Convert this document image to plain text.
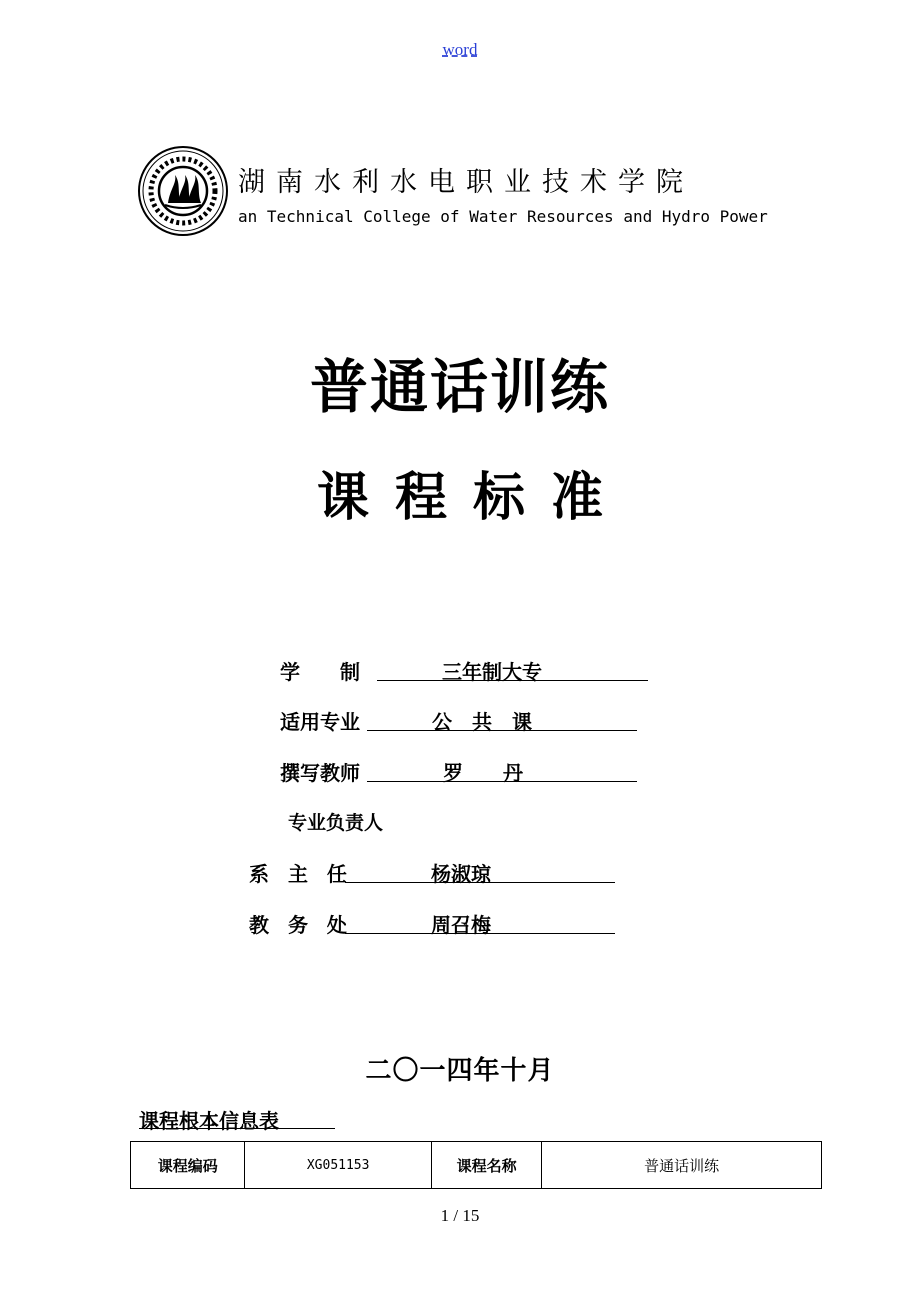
word
湖南水利水电职业技术学院
an Technical College of Water Resources and Hydro Power
普通话训练
课程标准
学　　制	三年制大专
适用专业	公　共　课
撰写教师	罗　　丹
专业负责人
系 主 任	杨淑琼
教 务 处	周召梅
二〇一四年十月
课程根本信息表
课程编码	XG051153	课程名称	普通话训练
1 / 15
